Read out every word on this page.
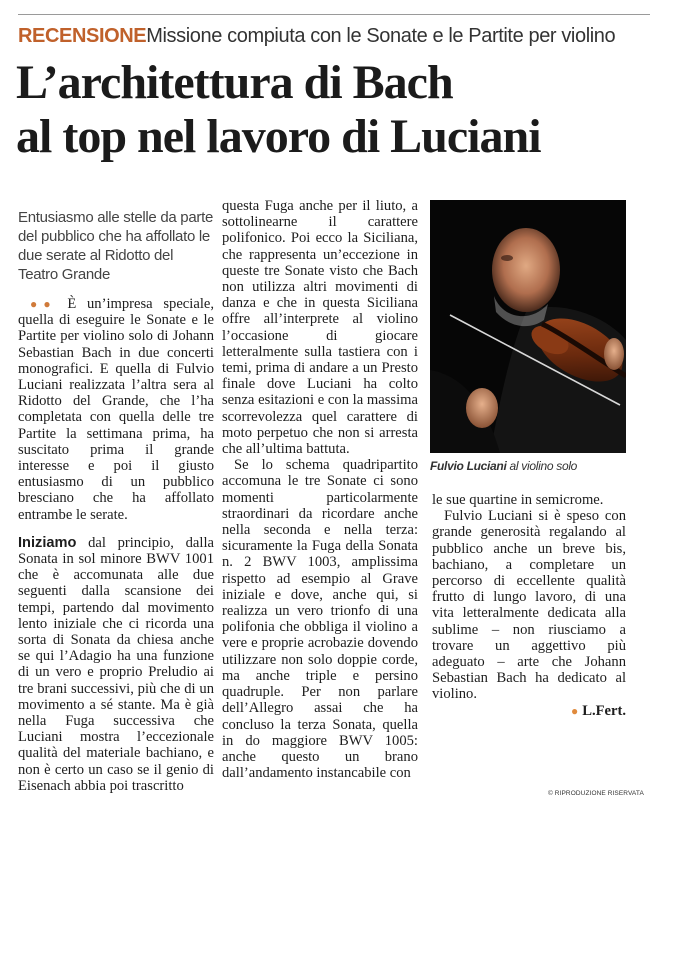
RECENSIONEMissione compiuta con le Sonate e le Partite per violino
L’architettura di Bach
al top nel lavoro di Luciani

Entusiasmo alle stelle da parte del pubblico che ha affollato le due serate al Ridotto del Teatro Grande

●● È un’impresa speciale, quella di eseguire le Sonate e le Partite per violino solo di Johann Sebastian Bach in due concerti monografici. E quella di Fulvio Luciani realizzata l’altra sera al Ridotto del Grande, che l’ha completata con quella delle tre Partite la settimana prima, ha suscitato prima il grande interesse e poi il giusto entusiasmo di un pubblico bresciano che ha affollato entrambe le serate.

Iniziamo dal principio, dalla Sonata in sol minore BWV 1001 che è accomunata alle due seguenti dalla scansione dei tempi, partendo dal movimento lento iniziale che ci ricorda una sorta di Sonata da chiesa anche se qui l’Adagio ha una funzione di un vero e proprio Preludio ai tre brani successivi, più che di un movimento a sé stante. Ma è già nella Fuga successiva che Luciani mostra l’eccezionale qualità del materiale bachiano, e non è certo un caso se il genio di Eisenach abbia poi trascritto

questa Fuga anche per il liuto, a sottolinearne il carattere polifonico. Poi ecco la Siciliana, che rappresenta un’eccezione in queste tre Sonate visto che Bach non utilizza altri movimenti di danza e che in questa Siciliana offre all’interprete al violino l’occasione di giocare letteralmente sulla tastiera con i temi, prima di andare a un Presto finale dove Luciani ha colto senza esitazioni e con la massima scorrevolezza quel carattere di moto perpetuo che non si arresta che all’ultima battuta.

Se lo schema quadripartito accomuna le tre Sonate ci sono momenti particolarmente straordinari da ricordare anche nella seconda e nella terza: sicuramente la Fuga della Sonata n. 2 BWV 1003, amplissima rispetto ad esempio al Grave iniziale e dove, anche qui, si realizza un vero trionfo di una polifonia che obbliga il violino a vere e proprie acrobazie dovendo utilizzare non solo doppie corde, ma anche triple e persino quadruple. Per non parlare dell’Allegro assai che ha concluso la terza Sonata, quella in do maggiore BWV 1005: anche questo un brano dall’andamento instancabile con

Fulvio Luciani al violino solo

le sue quartine in semicrome.

Fulvio Luciani si è speso con grande generosità regalando al pubblico anche un breve bis, bachiano, a completare un percorso di eccellente qualità frutto di lungo lavoro, di una vita letteralmente dedicata alla sublime – non riusciamo a trovare un aggettivo più adeguato – arte che Johann Sebastian Bach ha dedicato al violino.

● L.Fert.

© RIPRODUZIONE RISERVATA
